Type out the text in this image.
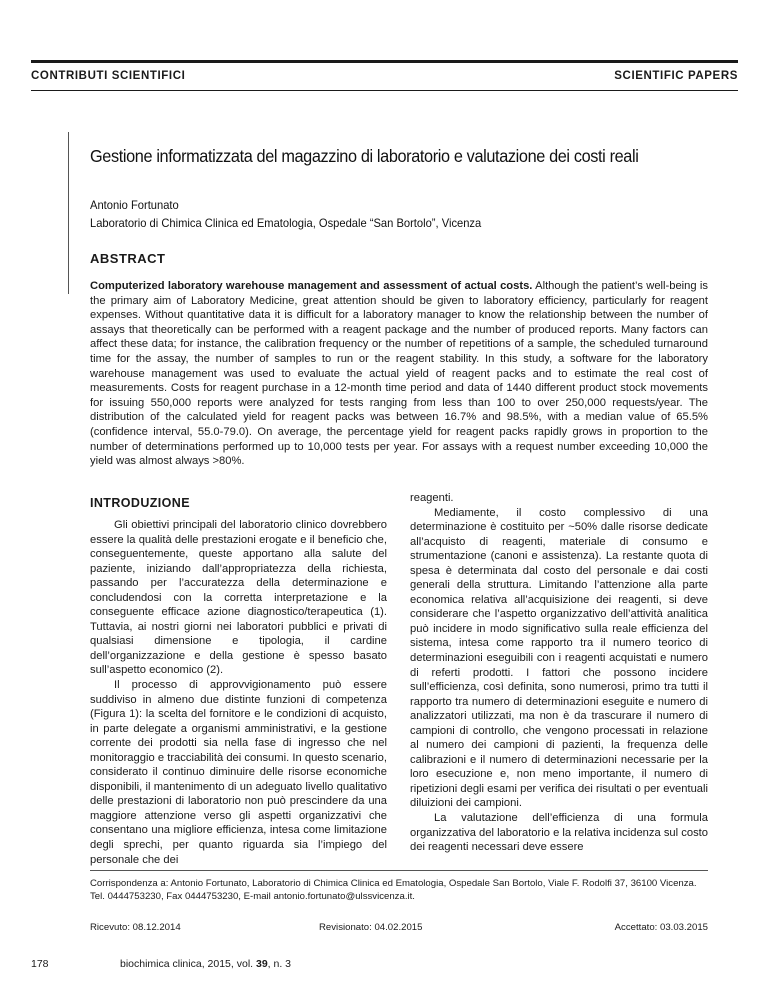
CONTRIBUTI SCIENTIFICI	SCIENTIFIC PAPERS
Gestione informatizzata del magazzino di laboratorio e valutazione dei costi reali
Antonio Fortunato
Laboratorio di Chimica Clinica ed Ematologia, Ospedale “San Bortolo”, Vicenza
ABSTRACT
Computerized laboratory warehouse management and assessment of actual costs. Although the patient’s well-being is the primary aim of Laboratory Medicine, great attention should be given to laboratory efficiency, particularly for reagent expenses. Without quantitative data it is difficult for a laboratory manager to know the relationship between the number of assays that theoretically can be performed with a reagent package and the number of produced reports. Many factors can affect these data; for instance, the calibration frequency or the number of repetitions of a sample, the scheduled turnaround time for the assay, the number of samples to run or the reagent stability. In this study, a software for the laboratory warehouse management was used to evaluate the actual yield of reagent packs and to estimate the real cost of measurements. Costs for reagent purchase in a 12-month time period and data of 1440 different product stock movements for issuing 550,000 reports were analyzed for tests ranging from less than 100 to over 250,000 requests/year. The distribution of the calculated yield for reagent packs was between 16.7% and 98.5%, with a median value of 65.5% (confidence interval, 55.0-79.0). On average, the percentage yield for reagent packs rapidly grows in proportion to the number of determinations performed up to 10,000 tests per year. For assays with a request number exceeding 10,000 the yield was almost always >80%.
INTRODUZIONE

Gli obiettivi principali del laboratorio clinico dovrebbero essere la qualità delle prestazioni erogate e il beneficio che, conseguentemente, queste apportano alla salute del paziente, iniziando dall’appropriatezza della richiesta, passando per l’accuratezza della determinazione e concludendosi con la corretta interpretazione e la conseguente efficace azione diagnostico/terapeutica (1). Tuttavia, ai nostri giorni nei laboratori pubblici e privati di qualsiasi dimensione e tipologia, il cardine dell’organizzazione e della gestione è spesso basato sull’aspetto economico (2).

Il processo di approvvigionamento può essere suddiviso in almeno due distinte funzioni di competenza (Figura 1): la scelta del fornitore e le condizioni di acquisto, in parte delegate a organismi amministrativi, e la gestione corrente dei prodotti sia nella fase di ingresso che nel monitoraggio e tracciabilità dei consumi. In questo scenario, considerato il continuo diminuire delle risorse economiche disponibili, il mantenimento di un adeguato livello qualitativo delle prestazioni di laboratorio non può prescindere da una maggiore attenzione verso gli aspetti organizzativi che consentano una migliore efficienza, intesa come limitazione degli sprechi, per quanto riguarda sia l’impiego del personale che dei

reagenti.

Mediamente, il costo complessivo di una determinazione è costituito per ~50% dalle risorse dedicate all’acquisto di reagenti, materiale di consumo e strumentazione (canoni e assistenza). La restante quota di spesa è determinata dal costo del personale e dai costi generali della struttura. Limitando l’attenzione alla parte economica relativa all’acquisizione dei reagenti, si deve considerare che l’aspetto organizzativo dell’attività analitica può incidere in modo significativo sulla reale efficienza del sistema, intesa come rapporto tra il numero teorico di determinazioni eseguibili con i reagenti acquistati e numero di referti prodotti. I fattori che possono incidere sull’efficienza, così definita, sono numerosi, primo tra tutti il rapporto tra numero di determinazioni eseguite e numero di analizzatori utilizzati, ma non è da trascurare il numero di campioni di controllo, che vengono processati in relazione al numero dei campioni di pazienti, la frequenza delle calibrazioni e il numero di determinazioni necessarie per la loro esecuzione e, non meno importante, il numero di ripetizioni degli esami per verifica dei risultati o per eventuali diluizioni dei campioni.

La valutazione dell’efficienza di una formula organizzativa del laboratorio e la relativa incidenza sul costo dei reagenti necessari deve essere

Corrispondenza a: Antonio Fortunato, Laboratorio di Chimica Clinica ed Ematologia, Ospedale San Bortolo, Viale F. Rodolfi 37, 36100 Vicenza. Tel. 0444753230, Fax 0444753230, E-mail antonio.fortunato@ulssvicenza.it.
Ricevuto: 08.12.2014	Revisionato: 04.02.2015	Accettato: 03.03.2015
178	biochimica clinica, 2015, vol. 39, n. 3
